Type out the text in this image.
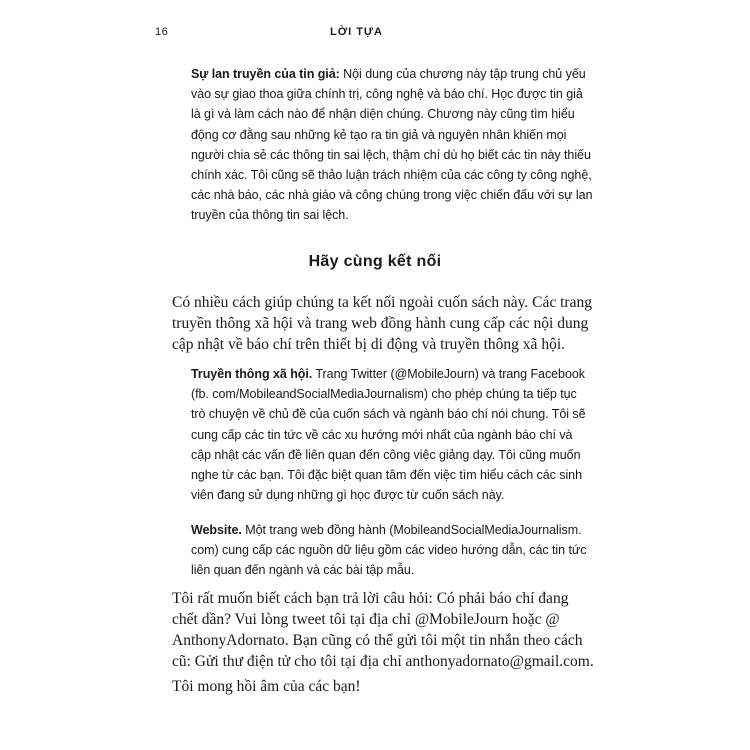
16	LỜI TỰA
Sự lan truyền của tin giả: Nội dung của chương này tập trung chủ yếu vào sự giao thoa giữa chính trị, công nghệ và báo chí. Học được tin giả là gì và làm cách nào để nhận diện chúng. Chương này cũng tìm hiểu động cơ đằng sau những kẻ tạo ra tin giả và nguyên nhân khiến mọi người chia sẻ các thông tin sai lệch, thậm chí dù họ biết các tin này thiếu chính xác. Tôi cũng sẽ thảo luận trách nhiệm của các công ty công nghệ, các nhà báo, các nhà giáo và công chúng trong việc chiến đấu với sự lan truyền của thông tin sai lệch.
Hãy cùng kết nối
Có nhiều cách giúp chúng ta kết nối ngoài cuốn sách này. Các trang truyền thông xã hội và trang web đồng hành cung cấp các nội dung cập nhật về báo chí trên thiết bị di động và truyền thông xã hội.
Truyền thông xã hội. Trang Twitter (@MobileJourn) và trang Facebook (fb. com/MobileandSocialMediaJournalism) cho phép chúng ta tiếp tục trò chuyện về chủ đề của cuốn sách và ngành báo chí nói chung. Tôi sẽ cung cấp các tin tức về các xu hướng mới nhất của ngành báo chí và cập nhật các vấn đề liên quan đến công việc giảng dạy. Tôi cũng muốn nghe từ các bạn. Tôi đặc biệt quan tâm đến việc tìm hiểu cách các sinh viên đang sử dụng những gì học được từ cuốn sách này.
Website. Một trang web đồng hành (MobileandSocialMediaJournalism. com) cung cấp các nguồn dữ liệu gồm các video hướng dẫn, các tin tức liên quan đến ngành và các bài tập mẫu.
Tôi rất muốn biết cách bạn trả lời câu hỏi: Có phải báo chí đang chết dần? Vui lòng tweet tôi tại địa chỉ @MobileJourn hoặc @ AnthonyAdornato. Bạn cũng có thể gửi tôi một tin nhắn theo cách cũ: Gửi thư điện tử cho tôi tại địa chỉ anthonyadornato@gmail.com.
Tôi mong hồi âm của các bạn!
